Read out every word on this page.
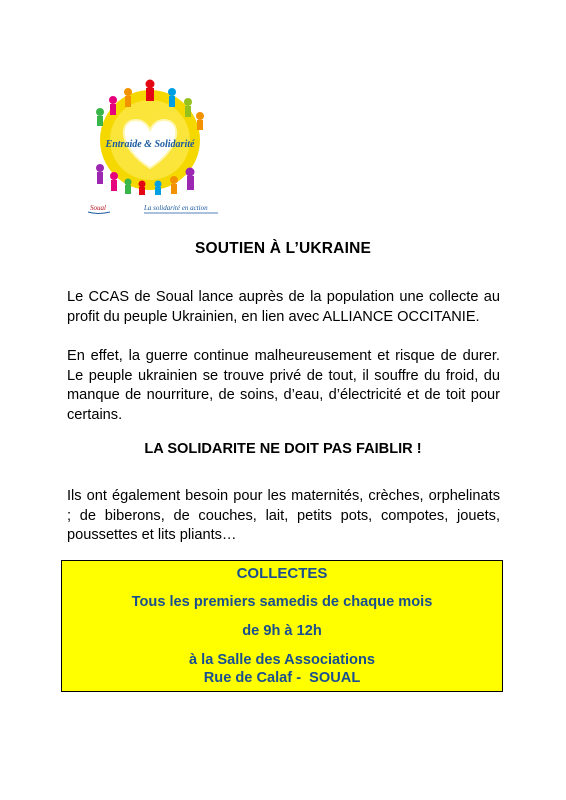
Entraide & Solidarité
Soual	La solidarité en action
SOUTIEN À L’UKRAINE
Le CCAS de Soual lance auprès de la population une collecte au profit du peuple Ukrainien, en lien avec ALLIANCE OCCITANIE.
En effet, la guerre continue malheureusement et risque de durer. Le peuple ukrainien se trouve privé de tout, il souffre du froid, du manque de nourriture, de soins, d’eau, d’électricité et de toit pour certains.
LA SOLIDARITE NE DOIT PAS FAIBLIR !
Ils ont également besoin pour les maternités, crèches, orphelinats ; de biberons, de couches, lait, petits pots, compotes, jouets, poussettes et lits pliants…
COLLECTES
Tous les premiers samedis de chaque mois
de 9h à 12h
à la Salle des Associations
Rue de Calaf -  SOUAL
